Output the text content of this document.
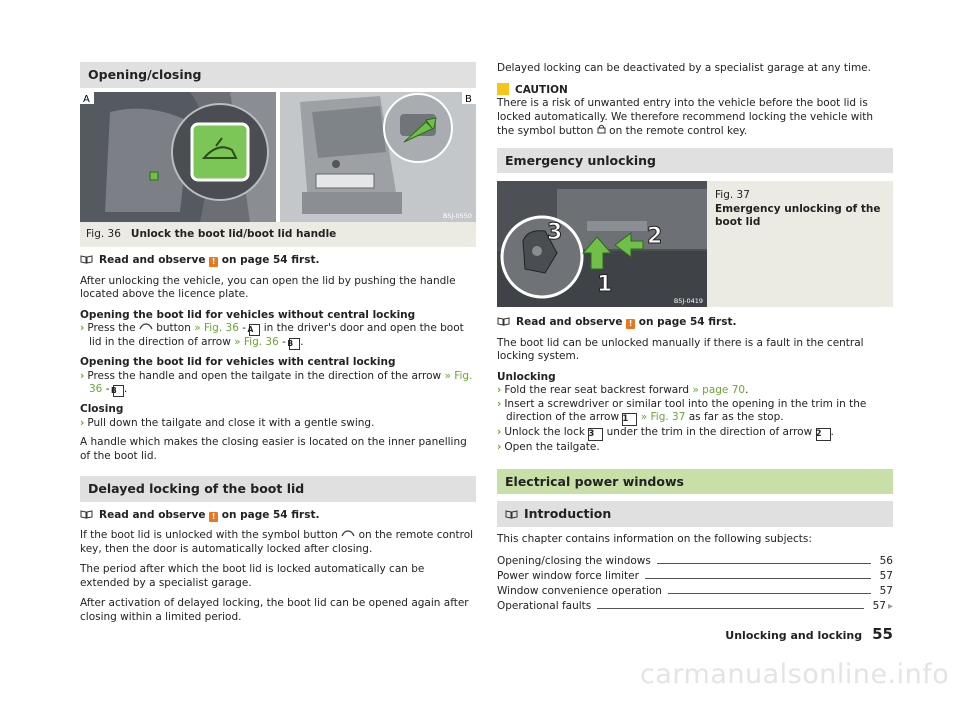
Opening/closing
A	B
B5J-0550
Fig. 36 Unlock the boot lid/boot lid handle

Read and observe ! on page 54 first.

After unlocking the vehicle, you can open the lid by pushing the handle located above the licence plate.

Opening the boot lid for vehicles without central locking

› Press the button » Fig. 36 - A in the driver's door and open the boot lid in the direction of arrow » Fig. 36 - B .

Opening the boot lid for vehicles with central locking

› Press the handle and open the tailgate in the direction of the arrow » Fig. 36 - B .

Closing

› Pull down the tailgate and close it with a gentle swing.

A handle which makes the closing easier is located on the inner panelling of the boot lid.

Delayed locking of the boot lid

Read and observe ! on page 54 first.

If the boot lid is unlocked with the symbol button on the remote control key, then the door is automatically locked after closing.

The period after which the boot lid is locked automatically can be extended by a specialist garage.

After activation of delayed locking, the boot lid can be opened again after closing within a limited period.

Delayed locking can be deactivated by a specialist garage at any time.

CAUTION

There is a risk of unwanted entry into the vehicle before the boot lid is locked automatically. We therefore recommend locking the vehicle with the symbol button on the remote control key.

Emergency unlocking
3	2
1
B5J-0419
Fig. 37
Emergency unlocking of the boot lid

Read and observe ! on page 54 first.

The boot lid can be unlocked manually if there is a fault in the central locking system.

Unlocking

› Fold the rear seat backrest forward » page 70.

› Insert a screwdriver or similar tool into the opening in the trim in the direction of the arrow 1 » Fig. 37 as far as the stop.

› Unlock the lock 3 under the trim in the direction of arrow 2 .

› Open the tailgate.

Electrical power windows
Introduction

This chapter contains information on the following subjects:

Opening/closing the windows	56
Power window force limiter	57
Window convenience operation	57
Operational faults	57 ▸
Unlocking and locking 55
carmanualsonline.info
